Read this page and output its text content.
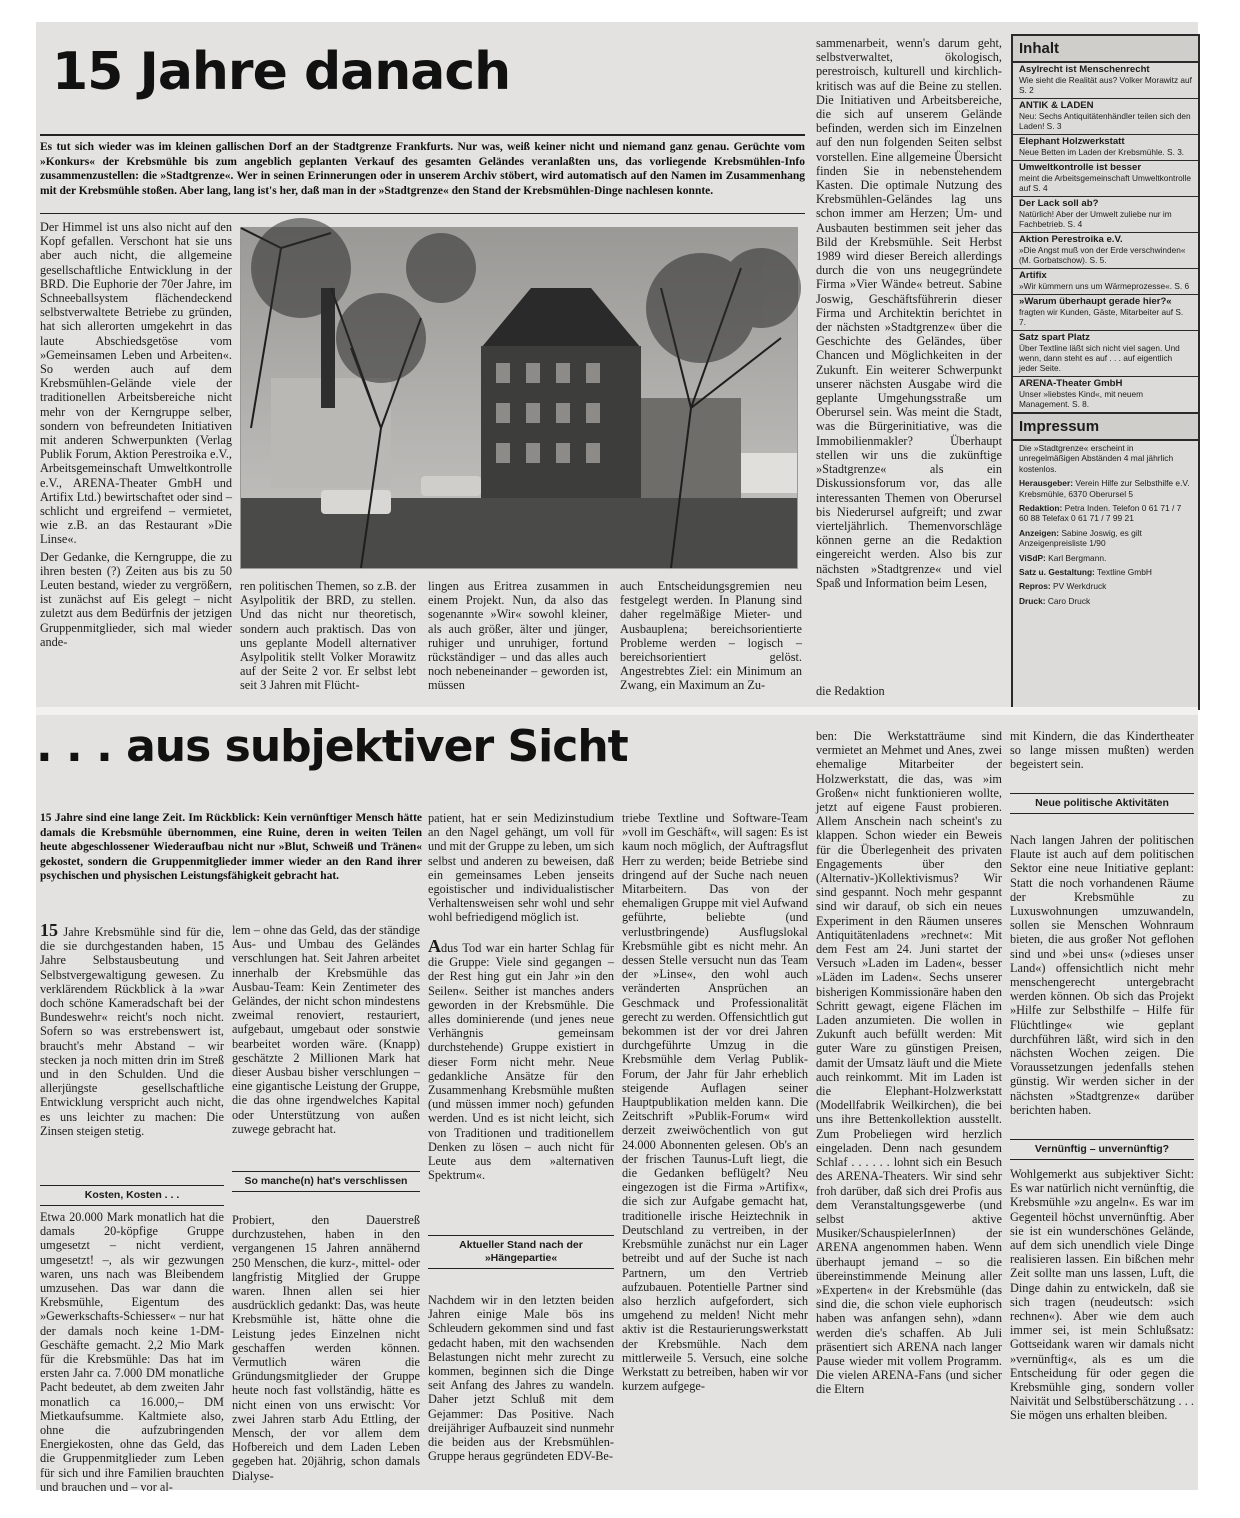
15 Jahre danach
Es tut sich wieder was im kleinen gallischen Dorf an der Stadtgrenze Frankfurts. Nur was, weiß keiner nicht und niemand ganz genau. Gerüchte vom »Konkurs« der Krebsmühle bis zum angeblich geplanten Verkauf des gesamten Geländes veranlaßten uns, das vorliegende Krebsmühlen-Info zusammenzustellen: die »Stadtgrenze«. Wer in seinen Erinnerungen oder in unserem Archiv stöbert, wird automatisch auf den Namen im Zusammenhang mit der Krebsmühle stoßen. Aber lang, lang ist's her, daß man in der »Stadtgrenze« den Stand der Krebsmühlen-Dinge nachlesen konnte.

Der Himmel ist uns also nicht auf den Kopf gefallen. Verschont hat sie uns aber auch nicht, die allgemeine gesellschaftliche Entwicklung in der BRD. Die Euphorie der 70er Jahre, im Schneeballsystem flächendeckend selbstverwaltete Betriebe zu gründen, hat sich allerorten umgekehrt in das laute Abschiedsgetöse vom »Gemeinsamen Leben und Arbeiten«. So werden auch auf dem Krebsmühlen-Gelände viele der traditionellen Arbeitsbereiche nicht mehr von der Kerngruppe selber, sondern von befreundeten Initiativen mit anderen Schwerpunkten (Verlag Publik Forum, Aktion Perestroika e.V., Arbeitsgemeinschaft Umweltkontrolle e.V., ARENA-Theater GmbH und Artifix Ltd.) bewirtschaftet oder sind – schlicht und ergreifend – vermietet, wie z.B. an das Restaurant »Die Linse«.

Der Gedanke, die Kerngruppe, die zu ihren besten (?) Zeiten aus bis zu 50 Leuten bestand, wieder zu vergrößern, ist zunächst auf Eis gelegt – nicht zuletzt aus dem Bedürfnis der jetzigen Gruppenmitglieder, sich mal wieder ande-

ren politischen Themen, so z.B. der Asylpolitik der BRD, zu stellen. Und das nicht nur theoretisch, sondern auch praktisch. Das von uns geplante Modell alternativer Asylpolitik stellt Volker Morawitz auf der Seite 2 vor. Er selbst lebt seit 3 Jahren mit Flücht-

lingen aus Eritrea zusammen in einem Projekt. Nun, da also das sogenannte »Wir« sowohl kleiner, als auch größer, älter und jünger, ruhiger und unruhiger, fortund rückständiger – und das alles auch noch nebeneinander – geworden ist, müssen

auch Entscheidungsgremien neu festgelegt werden. In Planung sind daher regelmäßige Mieter- und Ausbauplena; bereichsorientierte Probleme werden – logisch – bereichsorientiert gelöst. Angestrebtes Ziel: ein Minimum an Zwang, ein Maximum an Zu-

sammenarbeit, wenn's darum geht, selbstverwaltet, ökologisch, perestroisch, kulturell und kirchlich-kritisch was auf die Beine zu stellen. Die Initiativen und Arbeitsbereiche, die sich auf unserem Gelände befinden, werden sich im Einzelnen auf den nun folgenden Seiten selbst vorstellen. Eine allgemeine Übersicht finden Sie in nebenstehendem Kasten. Die optimale Nutzung des Krebsmühlen-Geländes lag uns schon immer am Herzen; Um- und Ausbauten bestimmen seit jeher das Bild der Krebsmühle. Seit Herbst 1989 wird dieser Bereich allerdings durch die von uns neugegründete Firma »Vier Wände« betreut. Sabine Joswig, Geschäftsführerin dieser Firma und Architektin berichtet in der nächsten »Stadtgrenze« über die Geschichte des Geländes, über Chancen und Möglichkeiten in der Zukunft. Ein weiterer Schwerpunkt unserer nächsten Ausgabe wird die geplante Umgehungsstraße um Oberursel sein. Was meint die Stadt, was die Bürgerinitiative, was die Immobilienmakler? Überhaupt stellen wir uns die zukünftige »Stadtgrenze« als ein Diskussionsforum vor, das alle interessanten Themen von Oberursel bis Niederursel aufgreift; und zwar vierteljährlich. Themenvorschläge können gerne an die Redaktion eingereicht werden. Also bis zur nächsten »Stadtgrenze« und viel Spaß und Information beim Lesen,

die Redaktion
Inhalt
Asylrecht ist Menschenrecht
Wie sieht die Realität aus? Volker Morawitz auf S. 2
ANTIK & LADEN
Neu: Sechs Antiquitätenhändler teilen sich den Laden! S. 3
Elephant Holzwerkstatt
Neue Betten im Laden der Krebsmühle. S. 3.
Umweltkontrolle ist besser
meint die Arbeitsgemeinschaft Umweltkontrolle auf S. 4
Der Lack soll ab?
Natürlich! Aber der Umwelt zuliebe nur im Fachbetrieb. S. 4
Aktion Perestroika e.V.
»Die Angst muß von der Erde verschwinden« (M. Gorbatschow). S. 5.
Artifix
»Wir kümmern uns um Wärmeprozesse«. S. 6
»Warum überhaupt gerade hier?«
fragten wir Kunden, Gäste, Mitarbeiter auf S. 7.
Satz spart Platz
Über Textline läßt sich nicht viel sagen. Und wenn, dann steht es auf . . . auf eigentlich jeder Seite.
ARENA-Theater GmbH
Unser »liebstes Kind«, mit neuem Management. S. 8.
Impressum
Die »Stadtgrenze« erscheint in unregelmäßigen Abständen 4 mal jährlich kostenlos.
Herausgeber: Verein Hilfe zur Selbsthilfe e.V. Krebsmühle, 6370 Oberursel 5
Redaktion: Petra Inden. Telefon 0 61 71 / 7 60 88 Telefax 0 61 71 / 7 99 21
Anzeigen: Sabine Joswig, es gilt Anzeigenpreisliste 1/90
ViSdP: Karl Bergmann.
Satz u. Gestaltung: Textline GmbH
Repros: PV Werkdruck
Druck: Caro Druck
. . . aus subjektiver Sicht
15 Jahre sind eine lange Zeit. Im Rückblick: Kein vernünftiger Mensch hätte damals die Krebsmühle übernommen, eine Ruine, deren in weiten Teilen heute abgeschlossener Wiederaufbau nicht nur »Blut, Schweiß und Tränen« gekostet, sondern die Gruppenmitglieder immer wieder an den Rand ihrer psychischen und physischen Leistungsfähigkeit gebracht hat.

15 Jahre Krebsmühle sind für die, die sie durchgestanden haben, 15 Jahre Selbstausbeutung und Selbstvergewaltigung gewesen. Zu verklärendem Rückblick à la »war doch schöne Kameradschaft bei der Bundeswehr« reicht's noch nicht. Sofern so was erstrebenswert ist, braucht's mehr Abstand – wir stecken ja noch mitten drin im Streß und in den Schulden. Und die allerjüngste gesellschaftliche Entwicklung verspricht auch nicht, es uns leichter zu machen: Die Zinsen steigen stetig.

Kosten, Kosten . . .

Etwa 20.000 Mark monatlich hat die damals 20-köpfige Gruppe umgesetzt – nicht verdient, umgesetzt! –, als wir gezwungen waren, uns nach was Bleibendem umzusehen. Das war dann die Krebsmühle, Eigentum des »Gewerkschafts-Schiesser« – nur hat der damals noch keine 1-DM-Geschäfte gemacht. 2,2 Mio Mark für die Krebsmühle: Das hat im ersten Jahr ca. 7.000 DM monatliche Pacht bedeutet, ab dem zweiten Jahr monatlich ca 16.000,– DM Mietkaufsumme. Kaltmiete also, ohne die aufzubringenden Energiekosten, ohne das Geld, das die Gruppenmitglieder zum Leben für sich und ihre Familien brauchten und brauchen und – vor al-

lem – ohne das Geld, das der ständige Aus- und Umbau des Geländes verschlungen hat. Seit Jahren arbeitet innerhalb der Krebsmühle das Ausbau-Team: Kein Zentimeter des Geländes, der nicht schon mindestens zweimal renoviert, restauriert, aufgebaut, umgebaut oder sonstwie bearbeitet worden wäre. (Knapp) geschätzte 2 Millionen Mark hat dieser Ausbau bisher verschlungen – eine gigantische Leistung der Gruppe, die das ohne irgendwelches Kapital oder Unterstützung von außen zuwege gebracht hat.

So manche(n) hat's verschlissen

Probiert, den Dauerstreß durchzustehen, haben in den vergangenen 15 Jahren annähernd 250 Menschen, die kurz-, mittel- oder langfristig Mitglied der Gruppe waren. Ihnen allen sei hier ausdrücklich gedankt: Das, was heute Krebsmühle ist, hätte ohne die Leistung jedes Einzelnen nicht geschaffen werden können. Vermutlich wären die Gründungsmitglieder der Gruppe heute noch fast vollständig, hätte es nicht einen von uns erwischt: Vor zwei Jahren starb Adu Ettling, der Mensch, der vor allem dem Hofbereich und dem Laden Leben gegeben hat. 20jährig, schon damals Dialyse-

patient, hat er sein Medizinstudium an den Nagel gehängt, um voll für und mit der Gruppe zu leben, um sich selbst und anderen zu beweisen, daß ein gemeinsames Leben jenseits egoistischer und individualistischer Verhaltensweisen sehr wohl und sehr wohl befriedigend möglich ist.

Adus Tod war ein harter Schlag für die Gruppe: Viele sind gegangen – der Rest hing gut ein Jahr »in den Seilen«. Seither ist manches anders geworden in der Krebsmühle. Die alles dominierende (und jenes neue Verhängnis gemeinsam durchstehende) Gruppe existiert in dieser Form nicht mehr. Neue gedankliche Ansätze für den Zusammenhang Krebsmühle mußten (und müssen immer noch) gefunden werden. Und es ist nicht leicht, sich von Traditionen und traditionellem Denken zu lösen – auch nicht für Leute aus dem »alternativen Spektrum«.

Aktueller Stand nach der »Hängepartie«

Nachdem wir in den letzten beiden Jahren einige Male bös ins Schleudern gekommen sind und fast gedacht haben, mit den wachsenden Belastungen nicht mehr zurecht zu kommen, beginnen sich die Dinge seit Anfang des Jahres zu wandeln. Daher jetzt Schluß mit dem Gejammer: Das Positive. Nach dreijähriger Aufbauzeit sind nunmehr die beiden aus der Krebsmühlen-Gruppe heraus gegründeten EDV-Be-

triebe Textline und Software-Team »voll im Geschäft«, will sagen: Es ist kaum noch möglich, der Auftragsflut Herr zu werden; beide Betriebe sind dringend auf der Suche nach neuen Mitarbeitern. Das von der ehemaligen Gruppe mit viel Aufwand geführte, beliebte (und verlustbringende) Ausflugslokal Krebsmühle gibt es nicht mehr. An dessen Stelle versucht nun das Team der »Linse«, den wohl auch veränderten Ansprüchen an Geschmack und Professionalität gerecht zu werden. Offensichtlich gut bekommen ist der vor drei Jahren durchgeführte Umzug in die Krebsmühle dem Verlag Publik-Forum, der Jahr für Jahr erheblich steigende Auflagen seiner Hauptpublikation melden kann. Die Zeitschrift »Publik-Forum« wird derzeit zweiwöchentlich von gut 24.000 Abonnenten gelesen. Ob's an der frischen Taunus-Luft liegt, die die Gedanken beflügelt? Neu eingezogen ist die Firma »Artifix«, die sich zur Aufgabe gemacht hat, traditionelle irische Heiztechnik in Deutschland zu vertreiben, in der Krebsmühle zunächst nur ein Lager betreibt und auf der Suche ist nach Partnern, um den Vertrieb aufzubauen. Potentielle Partner sind also herzlich aufgefordert, sich umgehend zu melden! Nicht mehr aktiv ist die Restaurierungswerkstatt der Krebsmühle. Nach dem mittlerweile 5. Versuch, eine solche Werkstatt zu betreiben, haben wir vor kurzem aufgege-

ben: Die Werkstatträume sind vermietet an Mehmet und Anes, zwei ehemalige Mitarbeiter der Holzwerkstatt, die das, was »im Großen« nicht funktionieren wollte, jetzt auf eigene Faust probieren. Allem Anschein nach scheint's zu klappen. Schon wieder ein Beweis für die Überlegenheit des privaten Engagements über den (Alternativ-)Kollektivismus? Wir sind gespannt. Noch mehr gespannt sind wir darauf, ob sich ein neues Experiment in den Räumen unseres Antiquitätenladens »rechnet«: Mit dem Fest am 24. Juni startet der Versuch »Laden im Laden«, besser »Läden im Laden«. Sechs unserer bisherigen Kommissionäre haben den Schritt gewagt, eigene Flächen im Laden anzumieten. Die wollen in Zukunft auch befüllt werden: Mit guter Ware zu günstigen Preisen, damit der Umsatz läuft und die Miete auch reinkommt. Mit im Laden ist die Elephant-Holzwerkstatt (Modellfabrik Weilkirchen), die bei uns ihre Bettenkollektion ausstellt. Zum Probeliegen wird herzlich eingeladen. Denn nach gesundem Schlaf . . . . . . lohnt sich ein Besuch des ARENA-Theaters. Wir sind sehr froh darüber, daß sich drei Profis aus dem Veranstaltungsgewerbe (und selbst aktive Musiker/SchauspielerInnen) der ARENA angenommen haben. Wenn überhaupt jemand – so die übereinstimmende Meinung aller »Experten« in der Krebsmühle (das sind die, die schon viele euphorisch haben was anfangen sehn), »dann werden die's schaffen. Ab Juli präsentiert sich ARENA nach langer Pause wieder mit vollem Programm. Die vielen ARENA-Fans (und sicher die Eltern

mit Kindern, die das Kindertheater so lange missen mußten) werden begeistert sein.

Neue politische Aktivitäten

Nach langen Jahren der politischen Flaute ist auch auf dem politischen Sektor eine neue Initiative geplant: Statt die noch vorhandenen Räume der Krebsmühle zu Luxuswohnungen umzuwandeln, sollen sie Menschen Wohnraum bieten, die aus großer Not geflohen sind und »bei uns« (»dieses unser Land«) offensichtlich nicht mehr menschengerecht untergebracht werden können. Ob sich das Projekt »Hilfe zur Selbsthilfe – Hilfe für Flüchtlinge« wie geplant durchführen läßt, wird sich in den nächsten Wochen zeigen. Die Voraussetzungen jedenfalls stehen günstig. Wir werden sicher in der nächsten »Stadtgrenze« darüber berichten haben.

Vernünftig – unvernünftig?

Wohlgemerkt aus subjektiver Sicht: Es war natürlich nicht vernünftig, die Krebsmühle »zu angeln«. Es war im Gegenteil höchst unvernünftig. Aber sie ist ein wunderschönes Gelände, auf dem sich unendlich viele Dinge realisieren lassen. Ein bißchen mehr Zeit sollte man uns lassen, Luft, die Dinge dahin zu entwickeln, daß sie sich tragen (neudeutsch: »sich rechnen«). Aber wie dem auch immer sei, ist mein Schlußsatz: Gottseidank waren wir damals nicht »vernünftig«, als es um die Entscheidung für oder gegen die Krebsmühle ging, sondern voller Naivität und Selbstüberschätzung . . . Sie mögen uns erhalten bleiben.
